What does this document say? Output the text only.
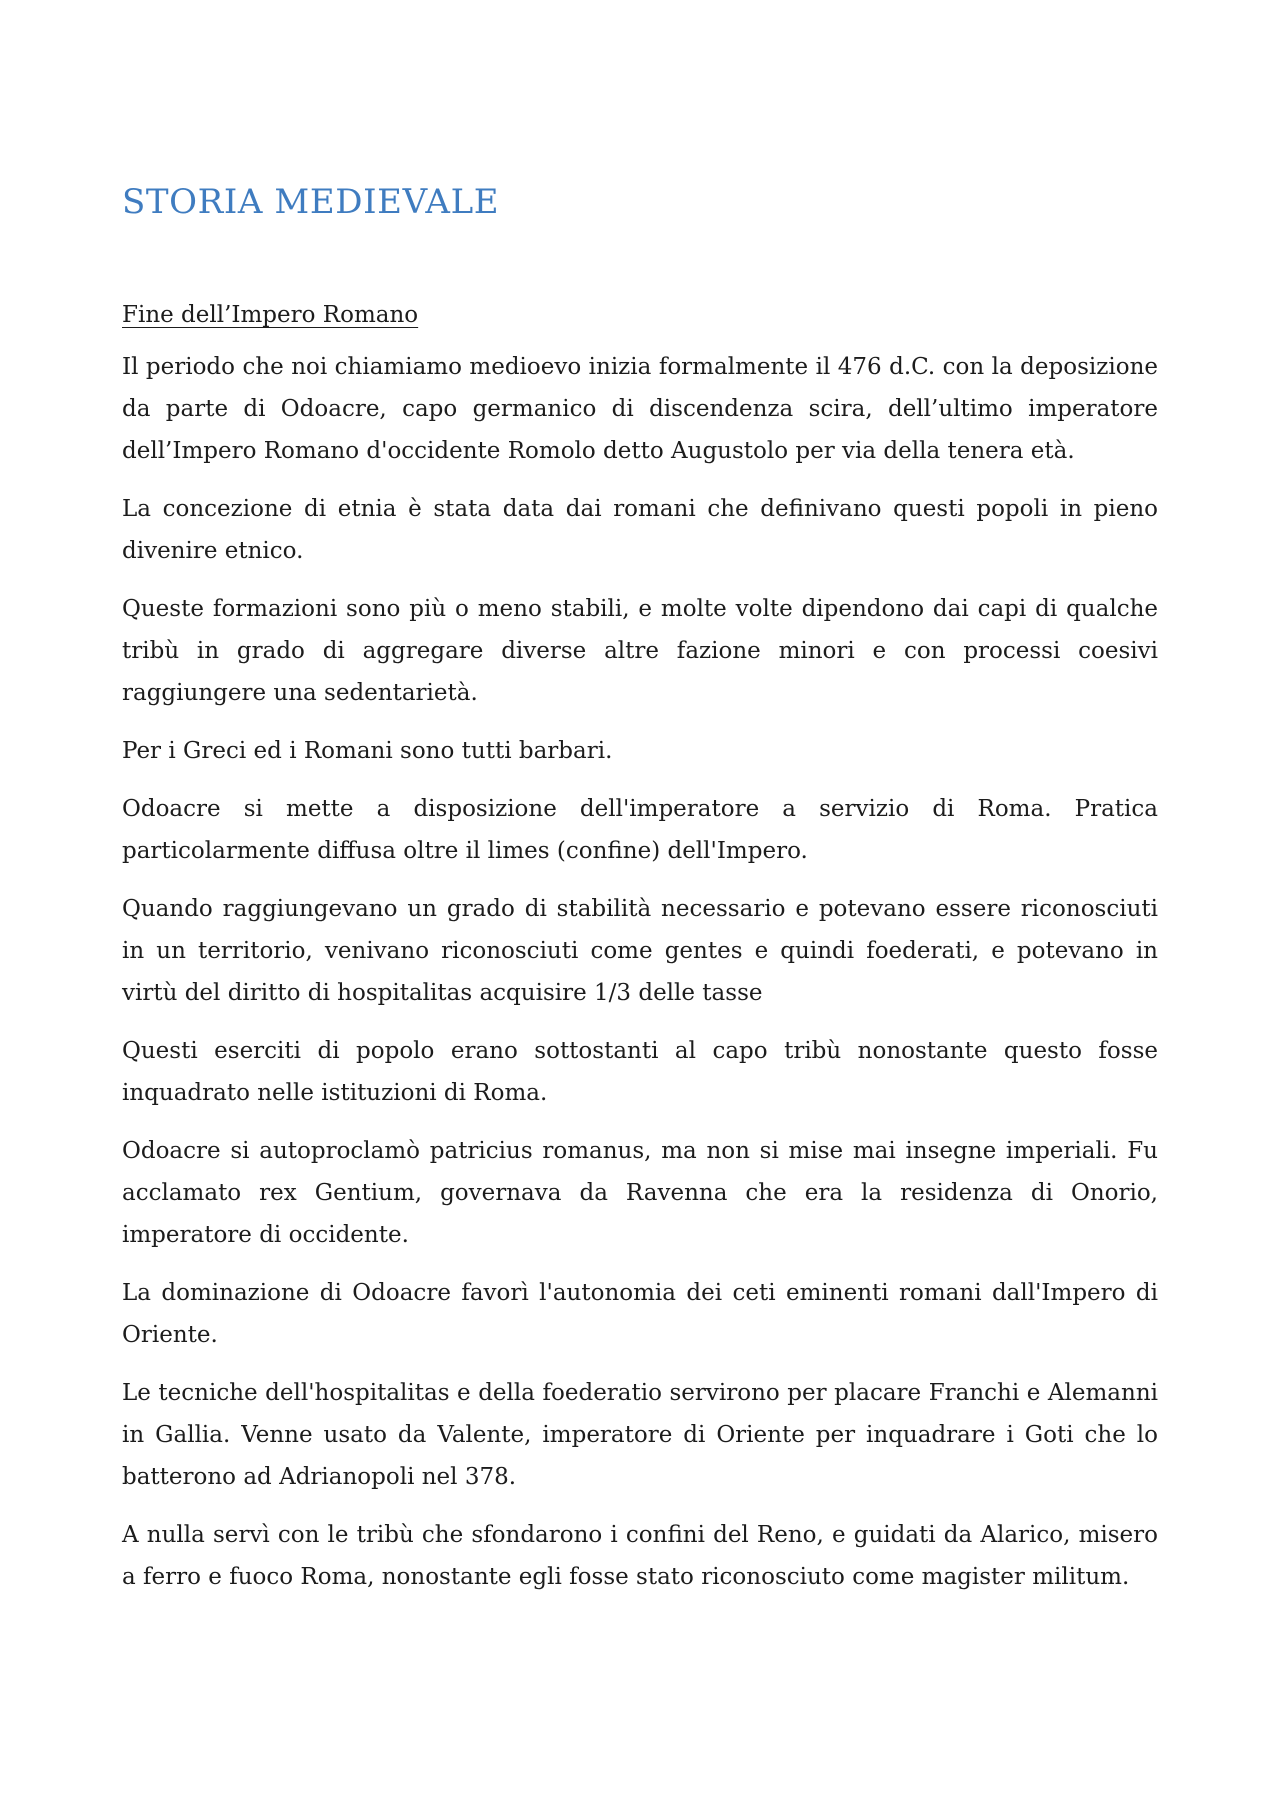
STORIA MEDIEVALE
Fine dell’Impero Romano

Il periodo che noi chiamiamo medioevo inizia formalmente il 476 d.C. con la deposizione da parte di Odoacre, capo germanico di discendenza scira, dell’ultimo imperatore dell’Impero Romano d'occidente Romolo detto Augustolo per via della tenera età.

La concezione di etnia è stata data dai romani che definivano questi popoli in pieno divenire etnico.

Queste formazioni sono più o meno stabili, e molte volte dipendono dai capi di qualche tribù in grado di aggregare diverse altre fazione minori e con processi coesivi raggiungere una sedentarietà.

Per i Greci ed i Romani sono tutti barbari.

Odoacre si mette a disposizione dell'imperatore a servizio di Roma. Pratica particolarmente diffusa oltre il limes (confine) dell'Impero.

Quando raggiungevano un grado di stabilità necessario e potevano essere riconosciuti in un territorio, venivano riconosciuti come gentes e quindi foederati, e potevano in virtù del diritto di hospitalitas acquisire 1/3 delle tasse

Questi eserciti di popolo erano sottostanti al capo tribù nonostante questo fosse inquadrato nelle istituzioni di Roma.

Odoacre si autoproclamò patricius romanus, ma non si mise mai insegne imperiali. Fu acclamato rex Gentium, governava da Ravenna che era la residenza di Onorio, imperatore di occidente.

La dominazione di Odoacre favorì l'autonomia dei ceti eminenti romani dall'Impero di Oriente.

Le tecniche dell'hospitalitas e della foederatio servirono per placare Franchi e Alemanni in Gallia. Venne usato da Valente, imperatore di Oriente per inquadrare i Goti che lo batterono ad Adrianopoli nel 378.

A nulla servì con le tribù che sfondarono i confini del Reno, e guidati da Alarico, misero a ferro e fuoco Roma, nonostante egli fosse stato riconosciuto come magister militum.
